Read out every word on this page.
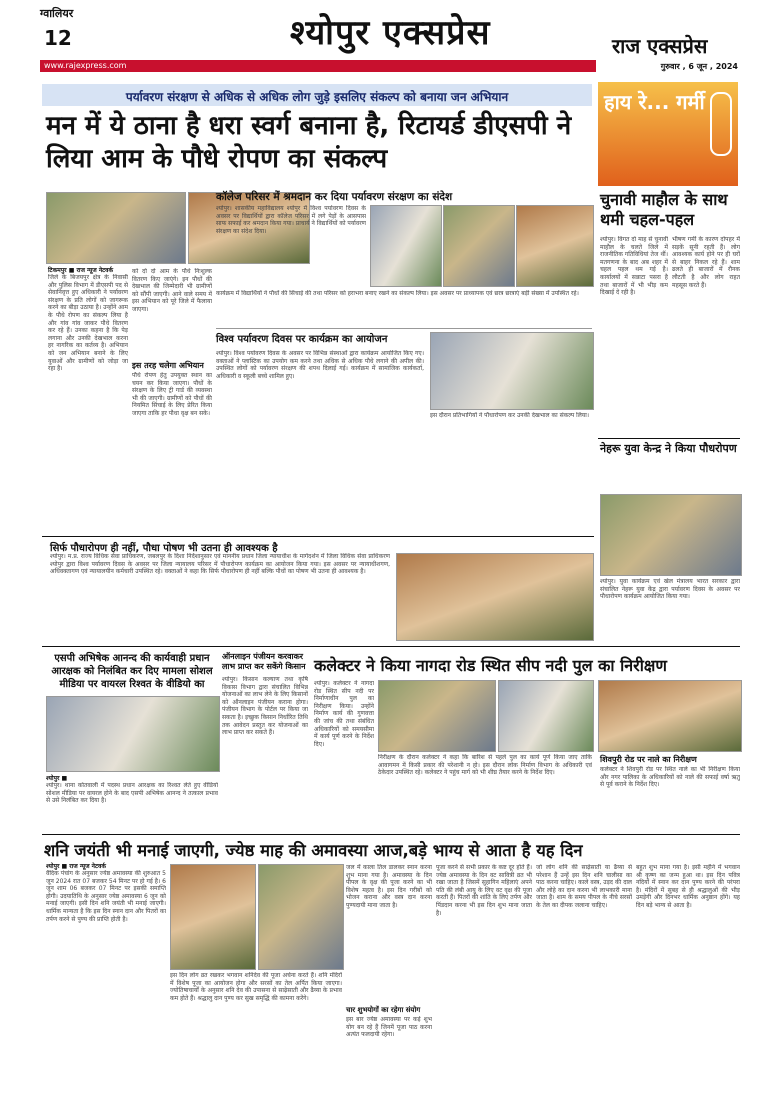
ग्वालियर
12	श्योपुर एक्सप्रेस	राज एक्सप्रेस
www.rajexpress.com	गुरुवार , 6 जून , 2024
पर्यावरण संरक्षण से अधिक से अधिक लोग जुड़े इसलिए संकल्प को बनाया जन अभियान
मन में ये ठाना है धरा स्वर्ग बनाना है, रिटायर्ड डीएसपी ने लिया आम के पौधे रोपण का संकल्प
टिकमपुर ■ राज न्यूज नेटवर्क
जिले के बिजयपुर क्षेत्र के निवासी और पुलिस विभाग में डीएसपी पद से सेवानिवृत्त हुए अधिकारी ने पर्यावरण संरक्षण के प्रति लोगों को जागरूक करने का बीड़ा उठाया है। उन्होंने आम के पौधे रोपण का संकल्प लिया है और गांव गांव जाकर पौधे वितरण कर रहे हैं। उनका कहना है कि पेड़ लगाना और उनकी देखभाल करना हर नागरिक का कर्तव्य है। अभियान को जन अभियान बनाने के लिए युवाओं और ग्रामीणों को जोड़ा जा रहा है।
को दो दो आम के पौधे निःशुल्क वितरण किए जाएंगे। इन पौधों की देखभाल की जिम्मेदारी भी ग्रामीणों को सौंपी जाएगी। आने वाले समय में इस अभियान को पूरे जिले में फैलाया जाएगा।
इस तरह चलेगा अभियान
पौधे रोपण हेतु उपयुक्त स्थान का चयन कर किया जाएगा। पौधों के संरक्षण के लिए ट्री गार्ड की व्यवस्था भी की जाएगी। ग्रामीणों को पौधों की नियमित सिंचाई के लिए प्रेरित किया जाएगा ताकि हर पौधा वृक्ष बन सके।
कॉलेज परिसर में श्रमदान कर दिया पर्यावरण संरक्षण का संदेश
श्योपुर। शासकीय महाविद्यालय श्योपुर में विश्व पर्यावरण दिवस के अवसर पर विद्यार्थियों द्वारा कॉलेज परिसर में लगे पेड़ों के आसपास साफ सफाई कर श्रमदान किया गया। प्राचार्य ने विद्यार्थियों को पर्यावरण संरक्षण का संदेश दिया।
कार्यक्रम में विद्यार्थियों ने पौधों की सिंचाई की तथा परिसर को हराभरा बनाए रखने का संकल्प लिया। इस अवसर पर प्राध्यापक एवं छात्र छात्राएं बड़ी संख्या में उपस्थित रहे।
विश्व पर्यावरण दिवस पर कार्यक्रम का आयोजन
श्योपुर। विश्व पर्यावरण दिवस के अवसर पर विभिन्न संस्थाओं द्वारा कार्यक्रम आयोजित किए गए। वक्ताओं ने प्लास्टिक का उपयोग कम करने तथा अधिक से अधिक पौधे लगाने की अपील की। उपस्थित लोगों को पर्यावरण संरक्षण की शपथ दिलाई गई। कार्यक्रम में सामाजिक कार्यकर्ता, अधिकारी व स्कूली बच्चे शामिल हुए।
इस दौरान प्रतिभागियों ने पौधारोपण कर उनकी देखभाल का संकल्प लिया।
सिर्फ पौधारोपण ही नहीं, पौधा पोषण भी उतना ही आवश्यक है
श्योपुर। म.प्र. राज्य विधिक सेवा प्राधिकरण, जबलपुर के दिशा निर्देशानुसार एवं माननीय प्रधान जिला न्यायाधीश के मार्गदर्शन में जिला विधिक सेवा प्राधिकरण श्योपुर द्वारा विश्व पर्यावरण दिवस के अवसर पर जिला न्यायालय परिसर में पौधारोपण कार्यक्रम का आयोजन किया गया। इस अवसर पर न्यायाधीशगण, अधिवक्तागण एवं न्यायालयीन कर्मचारी उपस्थित रहे। वक्ताओं ने कहा कि सिर्फ पौधारोपण ही नहीं बल्कि पौधों का पोषण भी उतना ही आवश्यक है।
हाय रे... गर्मी
चुनावी माहौल के साथ थमी चहल-पहल
श्योपुर। विगत दो माह से चुनावी माहौल के चलते जिले में राजनीतिक गतिविधियां तेज थीं। मतगणना के बाद अब शहर में चहल पहल थम गई है। कार्यालयों में सन्नाटा पसरा है तथा बाजारों में भी भीड़ कम दिखाई दे रही है।
भीषण गर्मी के कारण दोपहर में सड़कें सूनी रहती हैं। लोग आवश्यक कार्य होने पर ही घरों से बाहर निकल रहे हैं। शाम ढलते ही बाजारों में रौनक लौटती है और लोग राहत महसूस करते हैं।
नेहरू युवा केन्द्र ने किया पौधरोपण
श्योपुर। युवा कार्यक्रम एवं खेल मंत्रालय भारत सरकार द्वारा संचालित नेहरू युवा केंद्र द्वारा पर्यावरण दिवस के अवसर पर पौधारोपण कार्यक्रम आयोजित किया गया।
एसपी अभिषेक आनन्द की कार्यवाही प्रधान आरक्षक को निलंबित कर दिए मामला सोशल मीडिया पर वायरल रिश्वत के वीडियो का
श्योपुर ■
श्योपुर। थाना कोतवाली में पदस्थ प्रधान आरक्षक का रिश्वत लेते हुए वीडियो सोशल मीडिया पर वायरल होने के बाद एसपी अभिषेक आनन्द ने तत्काल प्रभाव से उसे निलंबित कर दिया है।
ऑनलाइन पंजीयन करवाकर लाभ प्राप्त कर सकेंगे किसान
श्योपुर। किसान कल्याण तथा कृषि विकास विभाग द्वारा संचालित विभिन्न योजनाओं का लाभ लेने के लिए किसानों को ऑनलाइन पंजीयन कराना होगा। पंजीयन विभाग के पोर्टल पर किया जा सकता है। इच्छुक किसान निर्धारित तिथि तक आवेदन प्रस्तुत कर योजनाओं का लाभ प्राप्त कर सकते हैं।
कलेक्टर ने किया नागदा रोड स्थित सीप नदी पुल का निरीक्षण
श्योपुर। कलेक्टर ने नागदा रोड स्थित सीप नदी पर निर्माणाधीन पुल का निरीक्षण किया। उन्होंने निर्माण कार्य की गुणवत्ता की जांच की तथा संबंधित अधिकारियों को समयसीमा में कार्य पूर्ण करने के निर्देश दिए।
निरीक्षण के दौरान कलेक्टर ने कहा कि बारिश से पहले पुल का कार्य पूर्ण किया जाए ताकि आवागमन में किसी प्रकार की परेशानी न हो। इस दौरान लोक निर्माण विभाग के अधिकारी एवं ठेकेदार उपस्थित रहे। कलेक्टर ने पहुंच मार्ग को भी शीघ्र तैयार करने के निर्देश दिए।
शिवपुरी रोड पर नाले का निरीक्षण
कलेक्टर ने शिवपुरी रोड पर स्थित नाले का भी निरीक्षण किया और नगर पालिका के अधिकारियों को नाले की सफाई वर्षा ऋतु से पूर्व कराने के निर्देश दिए।
शनि जयंती भी मनाई जाएगी, ज्येष्ठ माह की अमावस्या आज,बड़े भाग्य से आता है यह दिन
श्योपुर ■ राज न्यूज नेटवर्क
वैदिक पंचांग के अनुसार ज्येष्ठ अमावस्या की शुरुआत 5 जून 2024 रात 07 बजकर 54 मिनट पर हो गई है। 6 जून शाम 06 बजकर 07 मिनट पर इसकी समाप्ति होगी। उदयातिथि के अनुसार ज्येष्ठ अमावस्या 6 जून को मनाई जाएगी। इसी दिन शनि जयंती भी मनाई जाएगी। धार्मिक मान्यता है कि इस दिन स्नान दान और पितरों का तर्पण करने से पुण्य की प्राप्ति होती है।
इस दिन लोग व्रत रखकर भगवान शनिदेव की पूजा अर्चना करते हैं। शनि मंदिरों में विशेष पूजा का आयोजन होगा और सरसों का तेल अर्पित किया जाएगा। ज्योतिषाचार्यों के अनुसार शनि देव की उपासना से साढ़ेसाती और ढैय्या के प्रभाव कम होते हैं। श्रद्धालु दान पुण्य कर सुख समृद्धि की कामना करेंगे।
जल में काला तिल डालकर स्नान करना शुभ माना गया है। अमावस्या के दिन पीपल के वृक्ष की पूजा करने का भी विशेष महत्व है। इस दिन गरीबों को भोजन कराना और वस्त्र दान करना पुण्यदायी माना जाता है।
चार शुभयोगों का रहेगा संयोग
इस बार ज्येष्ठ अमावस्या पर कई शुभ योग बन रहे हैं जिनमें पूजा पाठ करना अत्यंत फलदायी रहेगा।
पूजा करने से सभी प्रकार के कष्ट दूर होते हैं। ज्येष्ठ अमावस्या के दिन वट सावित्री व्रत भी रखा जाता है जिसमें सुहागिन महिलाएं अपने पति की लंबी आयु के लिए वट वृक्ष की पूजा करती हैं। पितरों की शांति के लिए तर्पण और पिंडदान करना भी इस दिन शुभ माना जाता है।
जो लोग शनि की साढ़ेसाती या ढैय्या से परेशान हैं उन्हें इस दिन शनि चालीसा का पाठ करना चाहिए। काले वस्त्र, उड़द की दाल और लोहे का दान करना भी लाभकारी माना जाता है। शाम के समय पीपल के नीचे सरसों के तेल का दीपक जलाना चाहिए।
बहुत शुभ माना गया है। इसी महीने में भगवान श्री कृष्ण का जन्म हुआ था। इस दिन पवित्र नदियों में स्नान कर दान पुण्य करने की परंपरा है। मंदिरों में सुबह से ही श्रद्धालुओं की भीड़ उमड़ेगी और दिनभर धार्मिक अनुष्ठान होंगे। यह दिन बड़े भाग्य से आता है।
